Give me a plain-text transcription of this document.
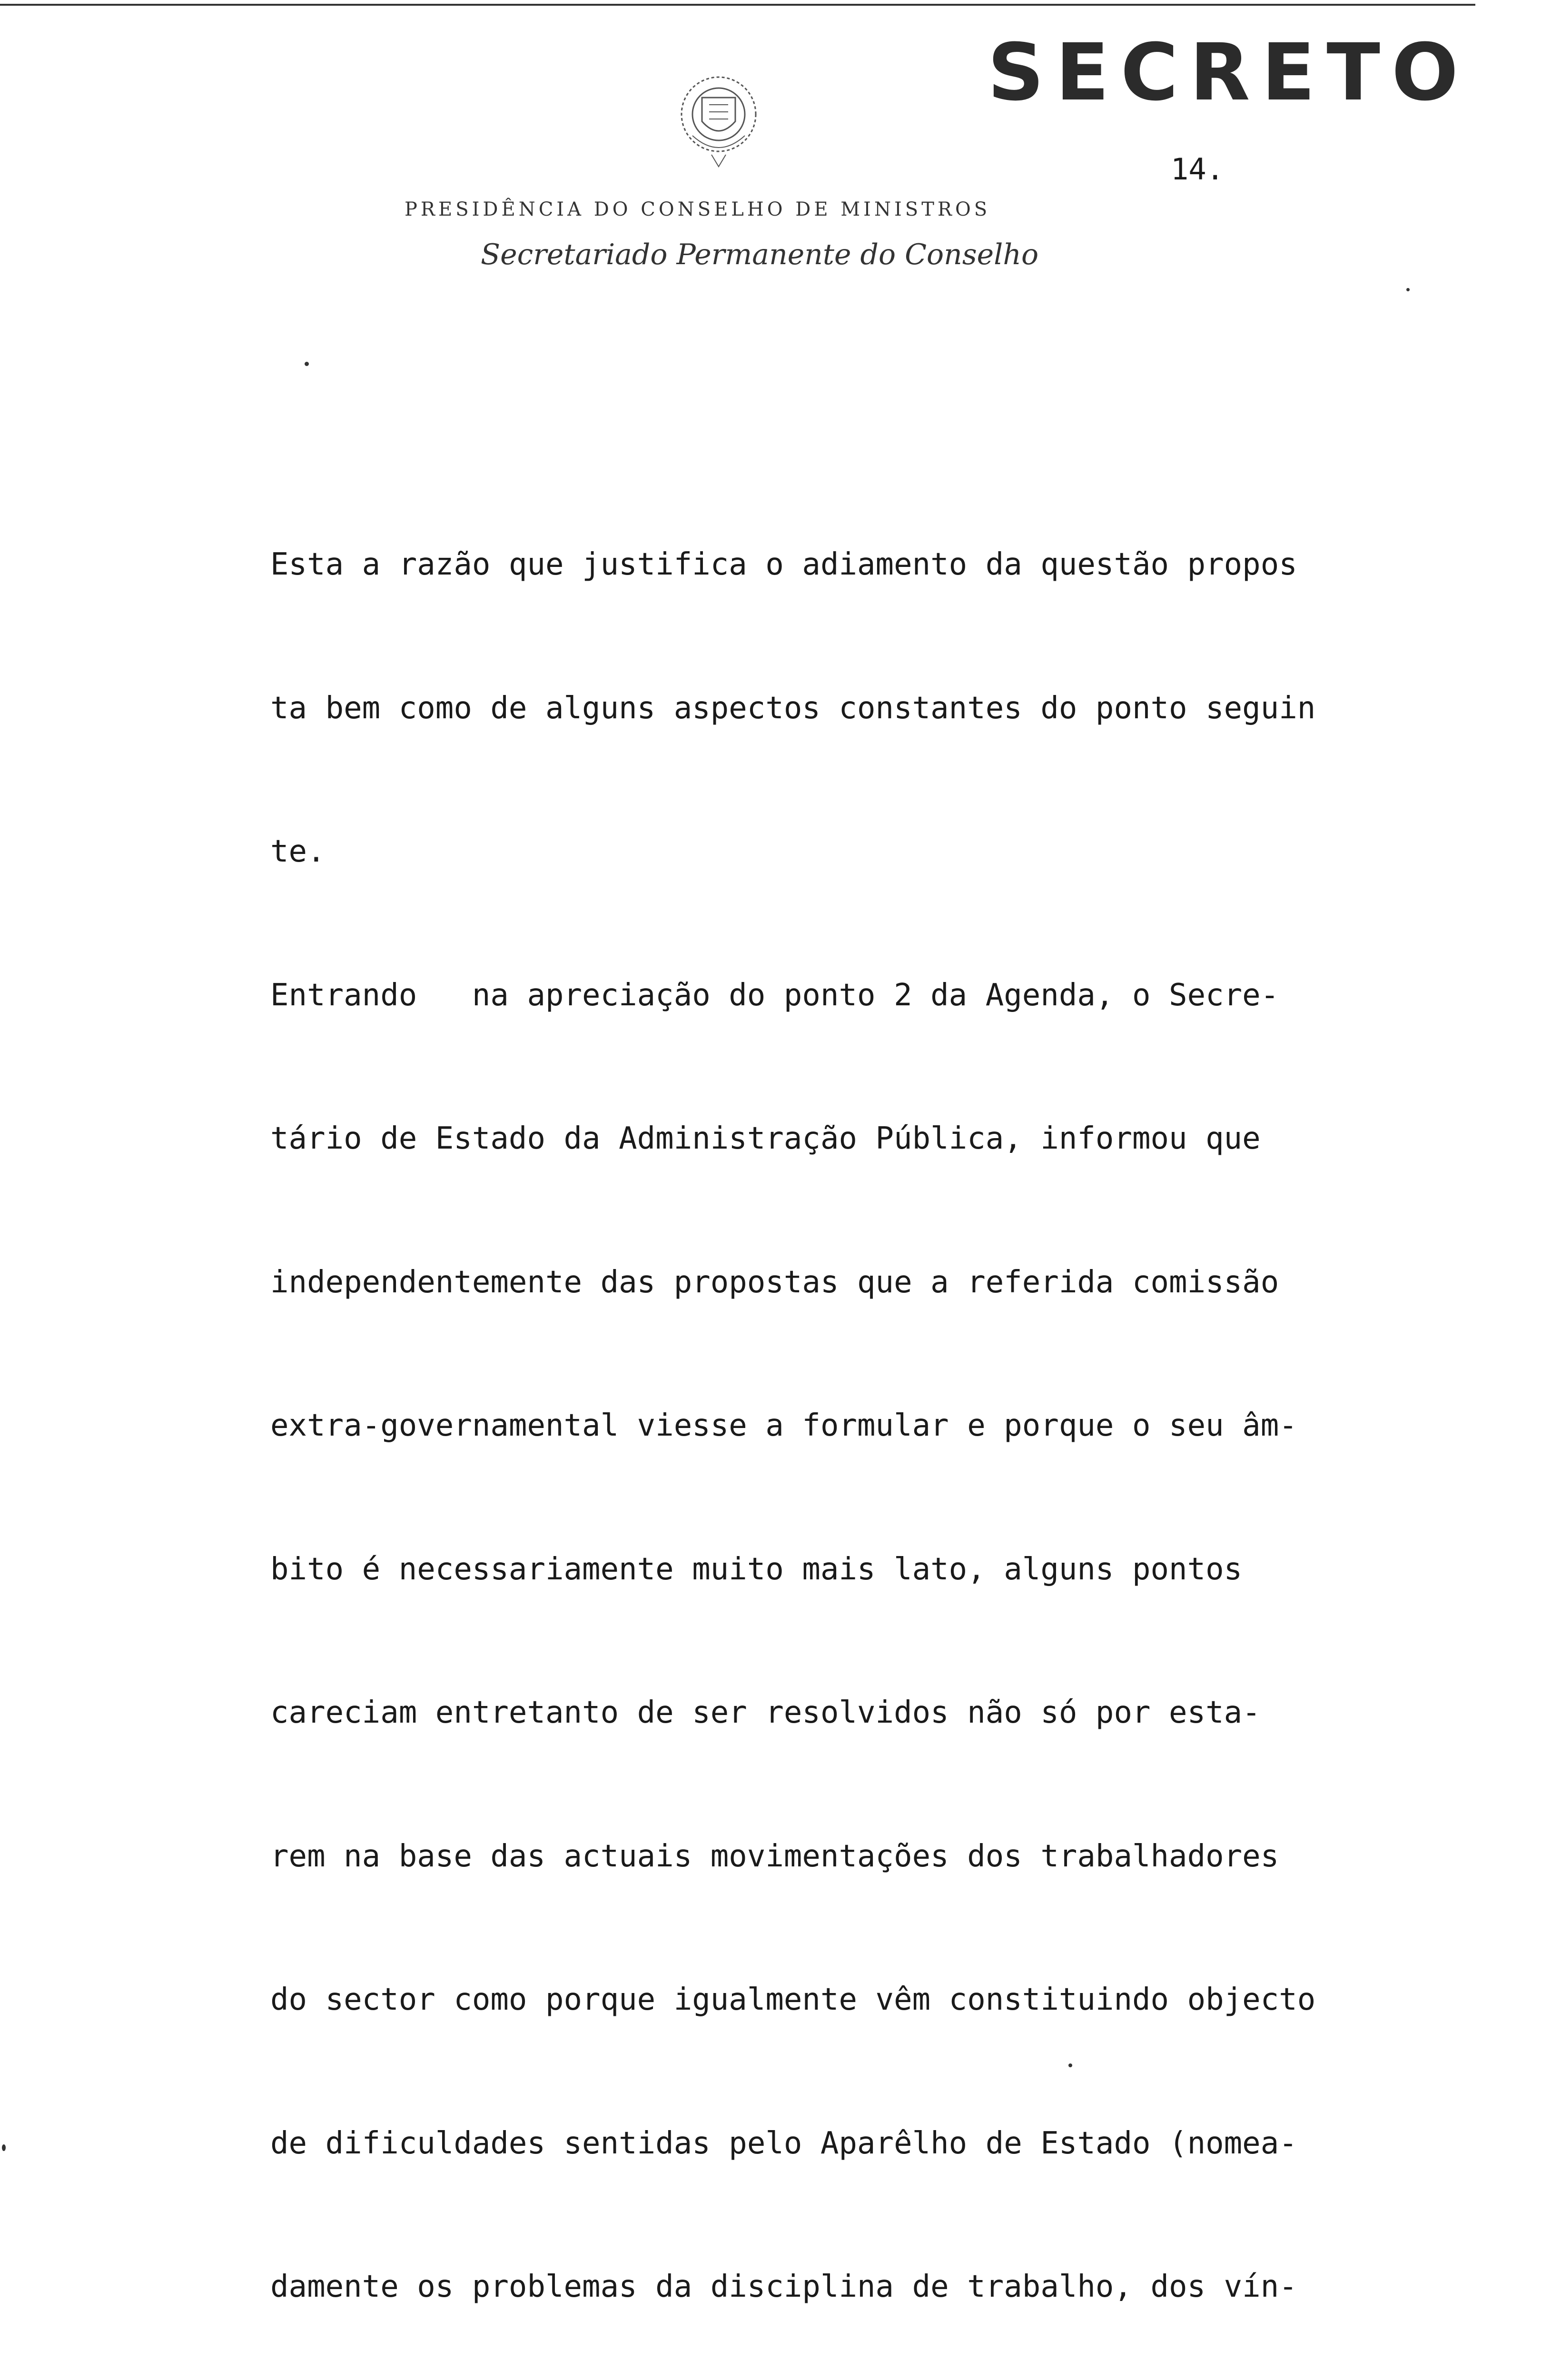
SECRETO
14.
PRESIDÊNCIA DO CONSELHO DE MINISTROS
Secretariado Permanente do Conselho

Esta a razão que justifica o adiamento da questão propos

ta bem como de alguns aspectos constantes do ponto seguin

te.

Entrando   na apreciação do ponto 2 da Agenda, o Secre-

tário de Estado da Administração Pública, informou que

independentemente das propostas que a referida comissão

extra-governamental viesse a formular e porque o seu âm-

bito é necessariamente muito mais lato, alguns pontos

careciam entretanto de ser resolvidos não só por esta-

rem na base das actuais movimentações dos trabalhadores

do sector como porque igualmente vêm constituindo objecto

de dificuldades sentidas pelo Aparêlho de Estado (nomea-

damente os problemas da disciplina de trabalho, dos vín-
